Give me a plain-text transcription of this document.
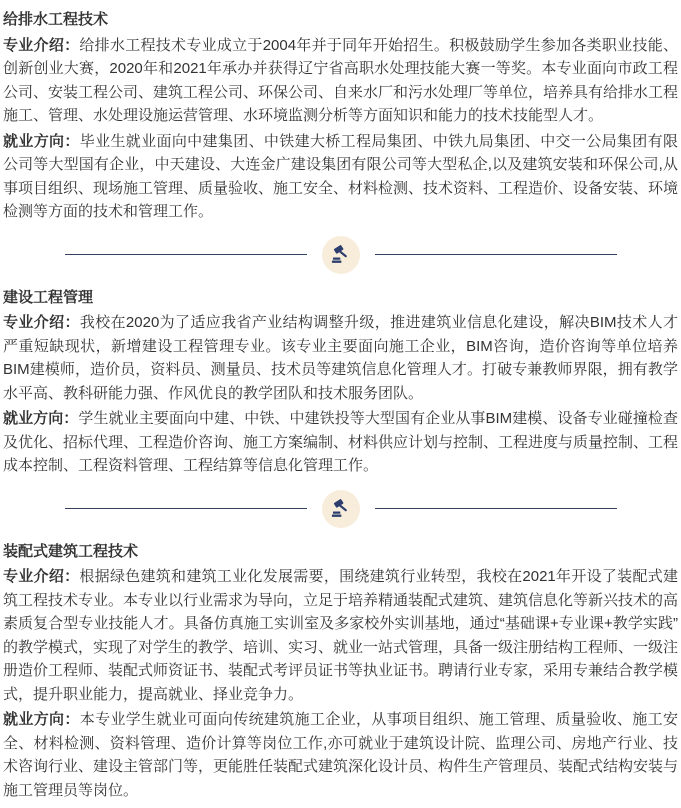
给排水工程技术

专业介绍：给排水工程技术专业成立于2004年并于同年开始招生。积极鼓励学生参加各类职业技能、创新创业大赛，2020年和2021年承办并获得辽宁省高职水处理技能大赛一等奖。本专业面向市政工程公司、安装工程公司、建筑工程公司、环保公司、自来水厂和污水处理厂等单位，培养具有给排水工程施工、管理、水处理设施运营管理、水环境监测分析等方面知识和能力的技术技能型人才。

就业方向：毕业生就业面向中建集团、中铁建大桥工程局集团、中铁九局集团、中交一公局集团有限公司等大型国有企业，中天建设、大连金广建设集团有限公司等大型私企,以及建筑安装和环保公司,从事项目组织、现场施工管理、质量验收、施工安全、材料检测、技术资料、工程造价、设备安装、环境检测等方面的技术和管理工作。

建设工程管理

专业介绍：我校在2020为了适应我省产业结构调整升级，推进建筑业信息化建设，解决BIM技术人才严重短缺现状，新增建设工程管理专业。该专业主要面向施工企业，BIM咨询，造价咨询等单位培养BIM建模师，造价员，资料员、测量员、技术员等建筑信息化管理人才。打破专兼教师界限，拥有教学水平高、教科研能力强、作风优良的教学团队和技术服务团队。

就业方向：学生就业主要面向中建、中铁、中建铁投等大型国有企业从事BIM建模、设备专业碰撞检查及优化、招标代理、工程造价咨询、施工方案编制、材料供应计划与控制、工程进度与质量控制、工程成本控制、工程资料管理、工程结算等信息化管理工作。

装配式建筑工程技术

专业介绍：根据绿色建筑和建筑工业化发展需要，围绕建筑行业转型，我校在2021年开设了装配式建筑工程技术专业。本专业以行业需求为导向，立足于培养精通装配式建筑、建筑信息化等新兴技术的高素质复合型专业技能人才。具备仿真施工实训室及多家校外实训基地，通过“基础课+专业课+教学实践”的教学模式，实现了对学生的教学、培训、实习、就业一站式管理，具备一级注册结构工程师、一级注册造价工程师、装配式师资证书、装配式考评员证书等执业证书。聘请行业专家，采用专兼结合教学模式，提升职业能力，提高就业、择业竞争力。

就业方向：本专业学生就业可面向传统建筑施工企业，从事项目组织、施工管理、质量验收、施工安全、材料检测、资料管理、造价计算等岗位工作,亦可就业于建筑设计院、监理公司、房地产行业、技术咨询行业、建设主管部门等，更能胜任装配式建筑深化设计员、构件生产管理员、装配式结构安装与施工管理员等岗位。
